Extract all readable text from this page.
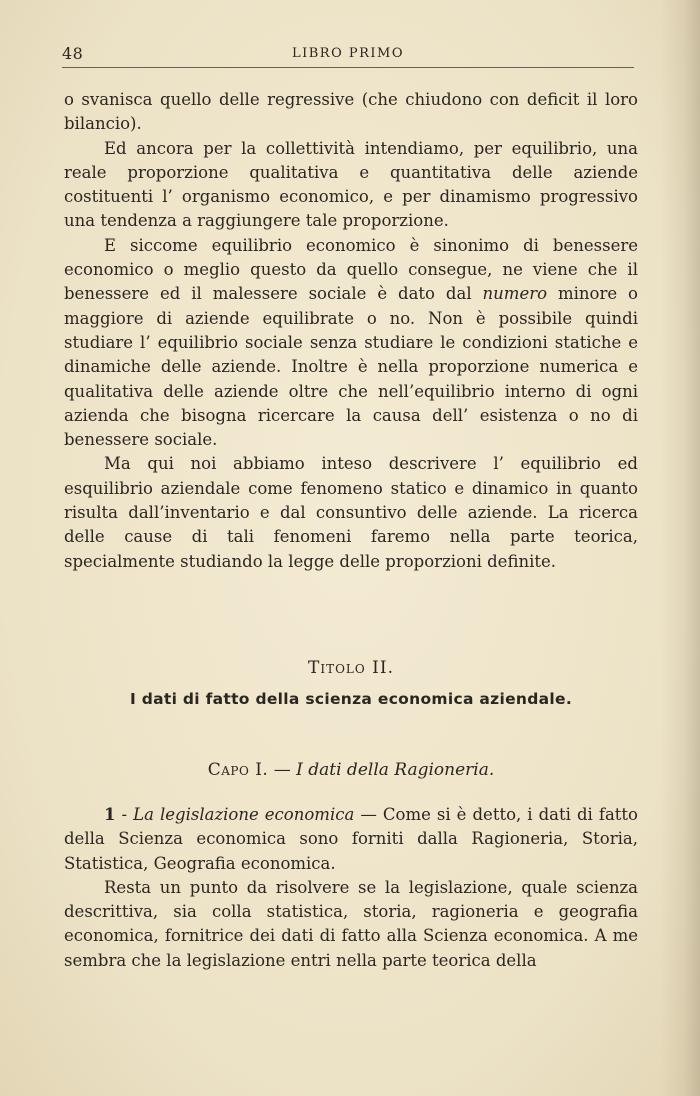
48	LIBRO PRIMO

o svanisca quello delle regressive (che chiudono con deficit il loro bilancio).

Ed ancora per la collettività intendiamo, per equilibrio, una reale proporzione qualitativa e quantitativa delle aziende costituenti l’ organismo economico, e per dinamismo progressivo una tendenza a raggiungere tale proporzione.

E siccome equilibrio economico è sinonimo di benessere economico o meglio questo da quello consegue, ne viene che il benessere ed il malessere sociale è dato dal numero minore o maggiore di aziende equilibrate o no. Non è possibile quindi studiare l’ equilibrio sociale senza studiare le condizioni statiche e dinamiche delle aziende. Inoltre è nella proporzione numerica e qualitativa delle aziende oltre che nell’equilibrio interno di ogni azienda che bisogna ricercare la causa dell’ esistenza o no di benessere sociale.

Ma qui noi abbiamo inteso descrivere l’ equilibrio ed esquilibrio aziendale come fenomeno statico e dinamico in quanto risulta dall’inventario e dal consuntivo delle aziende. La ricerca delle cause di tali fenomeni faremo nella parte teorica, specialmente studiando la legge delle proporzioni definite.

Titolo II.
I dati di fatto della scienza economica aziendale.
Capo I. — I dati della Ragioneria.

1 - La legislazione economica — Come si è detto, i dati di fatto della Scienza economica sono forniti dalla Ragioneria, Storia, Statistica, Geografia economica.

Resta un punto da risolvere se la legislazione, quale scienza descrittiva, sia colla statistica, storia, ragioneria e geografia economica, fornitrice dei dati di fatto alla Scienza economica. A me sembra che la legislazione entri nella parte teorica della
